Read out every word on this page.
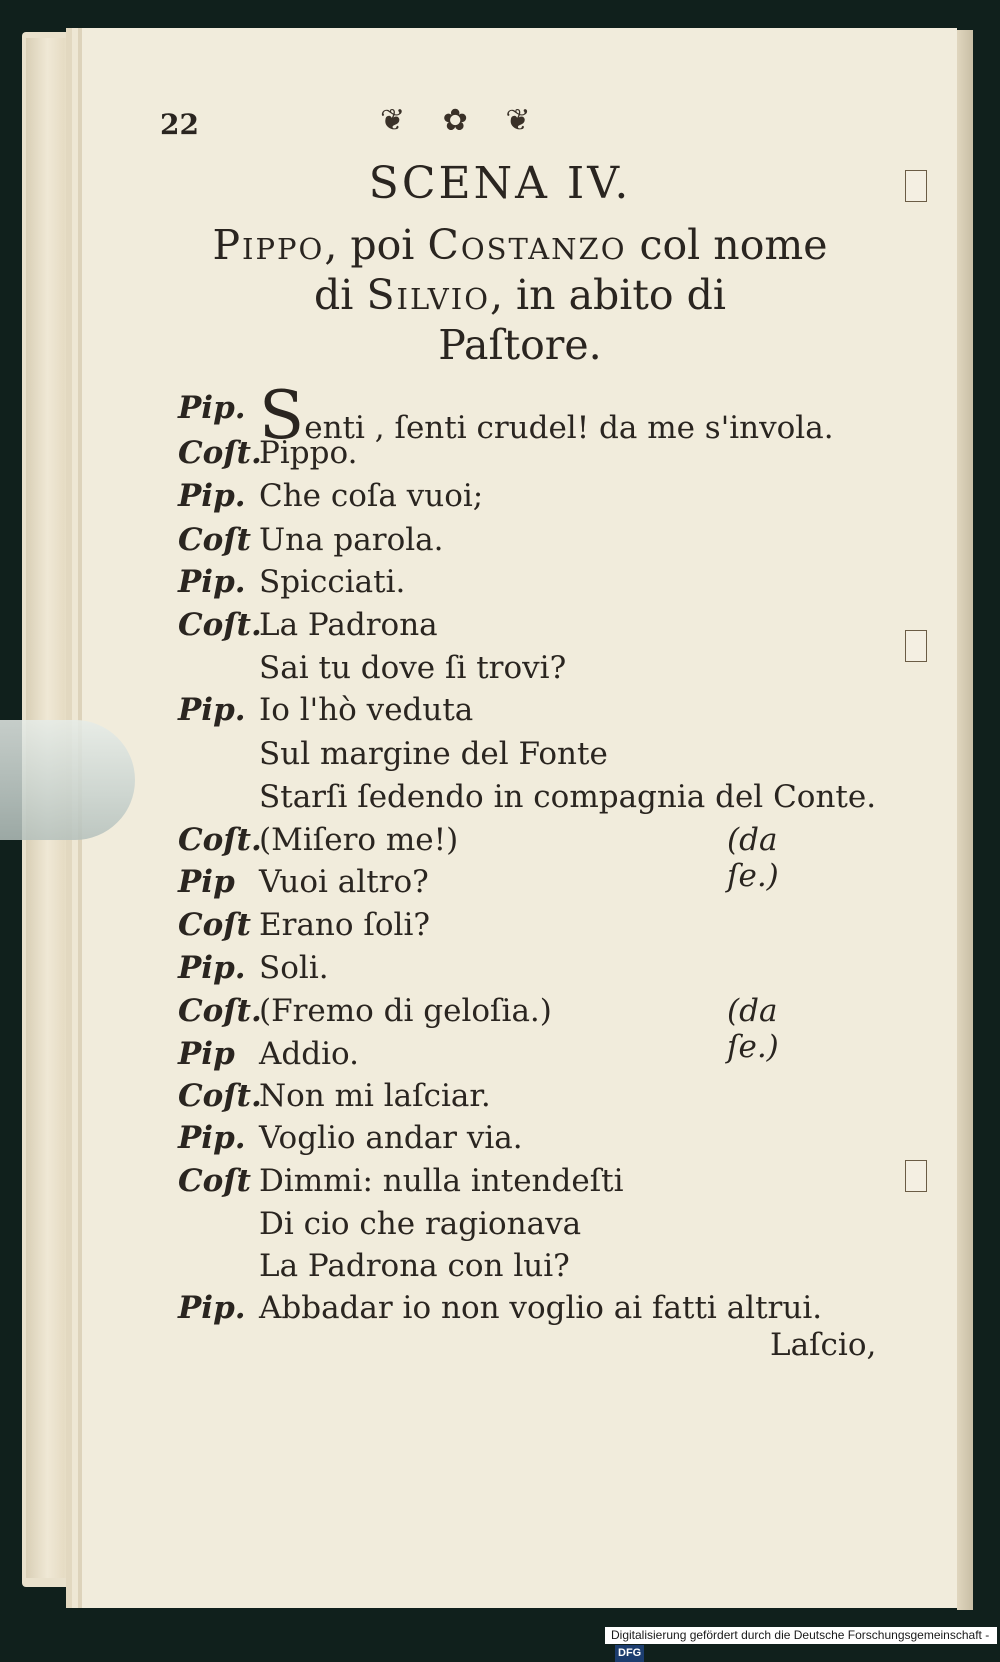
22	❦ ✿ ❦
SCENA IV.
Pippo, poi Costanzo col nome
di Silvio, in abito di
Paſtore.
Pip. Senti , ſenti crudel! da me s'involа.
Coſt.
Pippo.
Pip. Che coſa vuoi;
Coſt Una parola.
Pip. Spicciati.
Coſt.
La Padrona
Sai tu dove ſi trovi?
Pip. Io l'hò veduta
Sul margine del Fonte
Starſi ſedendo in compagnia del Conte.
Coſt.
(Miſero me!)	(da ſe.)
Pip Vuoi altro?
Coſt Erano ſoli?
Pip. Soli.
Coſt.
(Fremo di geloſia.)	(da ſe.)
Pip Addio.
Coſt.
Non mi laſciar.
Pip. Voglio andar via.
Coſt Dimmi: nulla intendeſti
Di cio che ragionava
La Padrona con lui?
Pip. Abbadar io non voglio ai fatti altrui.
Laſcio,
Digitalisierung gefördert durch die Deutsche Forschungsgemeinschaft -DFG
